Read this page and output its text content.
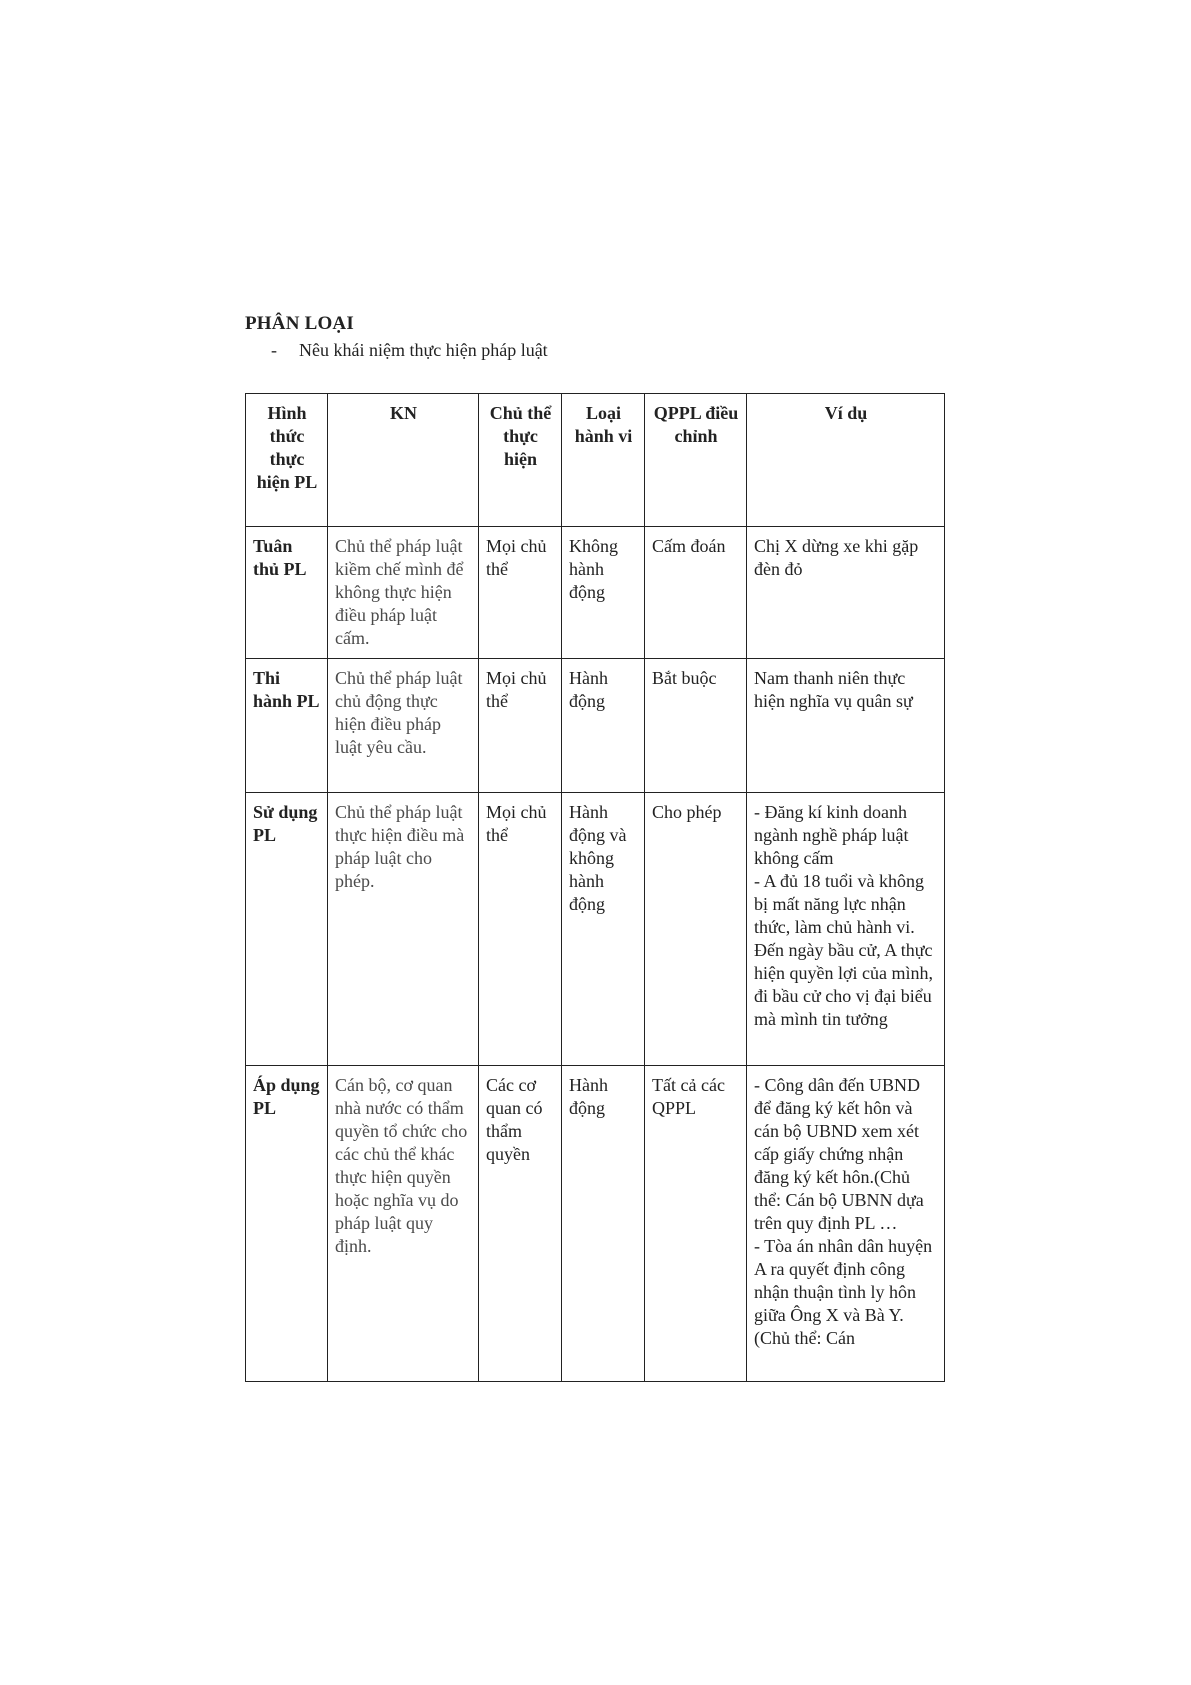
PHÂN LOẠI
- Nêu khái niệm thực hiện pháp luật
Hình thức thực hiện PL	KN	Chủ thể thực hiện	Loại hành vi	QPPL điều chỉnh	Ví dụ
Tuân thủ PL	Chủ thể pháp luật kiềm chế mình để không thực hiện điều pháp luật cấm.	Mọi chủ thể	Không hành động	Cấm đoán	Chị X dừng xe khi gặp đèn đỏ

Thi hành PL	Chủ thể pháp luật chủ động thực hiện điều pháp luật yêu cầu.	Mọi chủ thể	Hành động	Bắt buộc	Nam thanh niên thực hiện nghĩa vụ quân sự

Sử dụng PL	Chủ thể pháp luật thực hiện điều mà pháp luật cho phép.	Mọi chủ thể	Hành động và không hành động	Cho phép	- Đăng kí kinh doanh ngành nghề pháp luật không cấm
- A đủ 18 tuổi và không bị mất năng lực nhận thức, làm chủ hành vi. Đến ngày bầu cử, A thực hiện quyền lợi của mình, đi bầu cử cho vị đại biểu mà mình tin tưởng

Áp dụng PL	Cán bộ, cơ quan nhà nước có thẩm quyền tổ chức cho các chủ thể khác thực hiện quyền hoặc nghĩa vụ do pháp luật quy định.	Các cơ quan có thẩm quyền	Hành động	Tất cả các QPPL	- Công dân đến UBND để đăng ký kết hôn và cán bộ UBND xem xét cấp giấy chứng nhận đăng ký kết hôn.(Chủ thể: Cán bộ UBNN dựa trên quy định PL …
- Tòa án nhân dân huyện A ra quyết định công nhận thuận tình ly hôn giữa Ông X và Bà Y. (Chủ thể: Cán
